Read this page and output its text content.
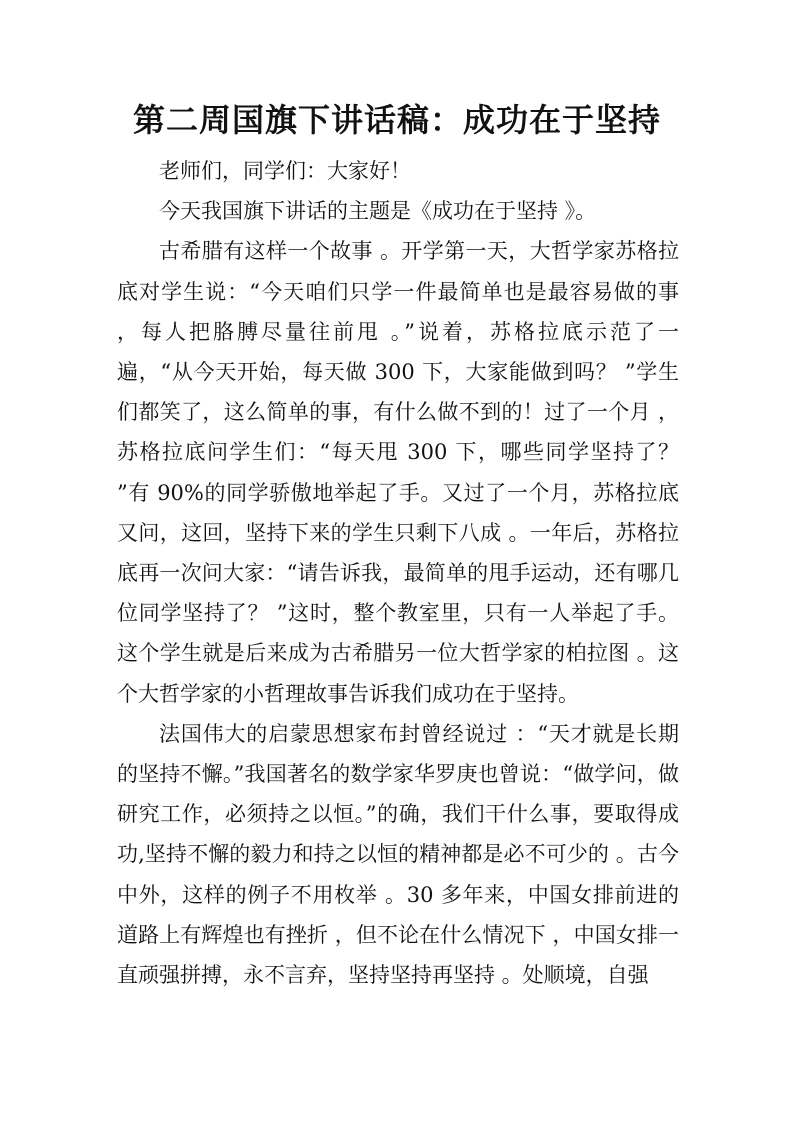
第二周国旗下讲话稿：成功在于坚持

老师们，同学们：大家好！

今天我国旗下讲话的主题是《成功在于坚持 》。

古希腊有这样一个故事 。开学第一天，大哲学家苏格拉底对学生说：“今天咱们只学一件最简单也是最容易做的事 ，每人把胳膊尽量往前甩 。”说着，苏格拉底示范了一遍，“从今天开始，每天做 300 下，大家能做到吗？ ”学生们都笑了，这么简单的事，有什么做不到的！过了一个月 ，苏格拉底问学生们：“每天甩 300 下，哪些同学坚持了？ ”有 90%的同学骄傲地举起了手。又过了一个月，苏格拉底又问，这回，坚持下来的学生只剩下八成 。一年后，苏格拉底再一次问大家：“请告诉我，最简单的甩手运动，还有哪几位同学坚持了？ ”这时，整个教室里，只有一人举起了手。这个学生就是后来成为古希腊另一位大哲学家的柏拉图 。这个大哲学家的小哲理故事告诉我们成功在于坚持。

法国伟大的启蒙思想家布封曾经说过 ：“天才就是长期的坚持不懈。”我国著名的数学家华罗庚也曾说：“做学问，做研究工作，必须持之以恒。”的确，我们干什么事，要取得成功,坚持不懈的毅力和持之以恒的精神都是必不可少的 。古今中外，这样的例子不用枚举 。30 多年来，中国女排前进的道路上有辉煌也有挫折 ，但不论在什么情况下 ，中国女排一直顽强拼搏，永不言弃，坚持坚持再坚持 。处顺境，自强
